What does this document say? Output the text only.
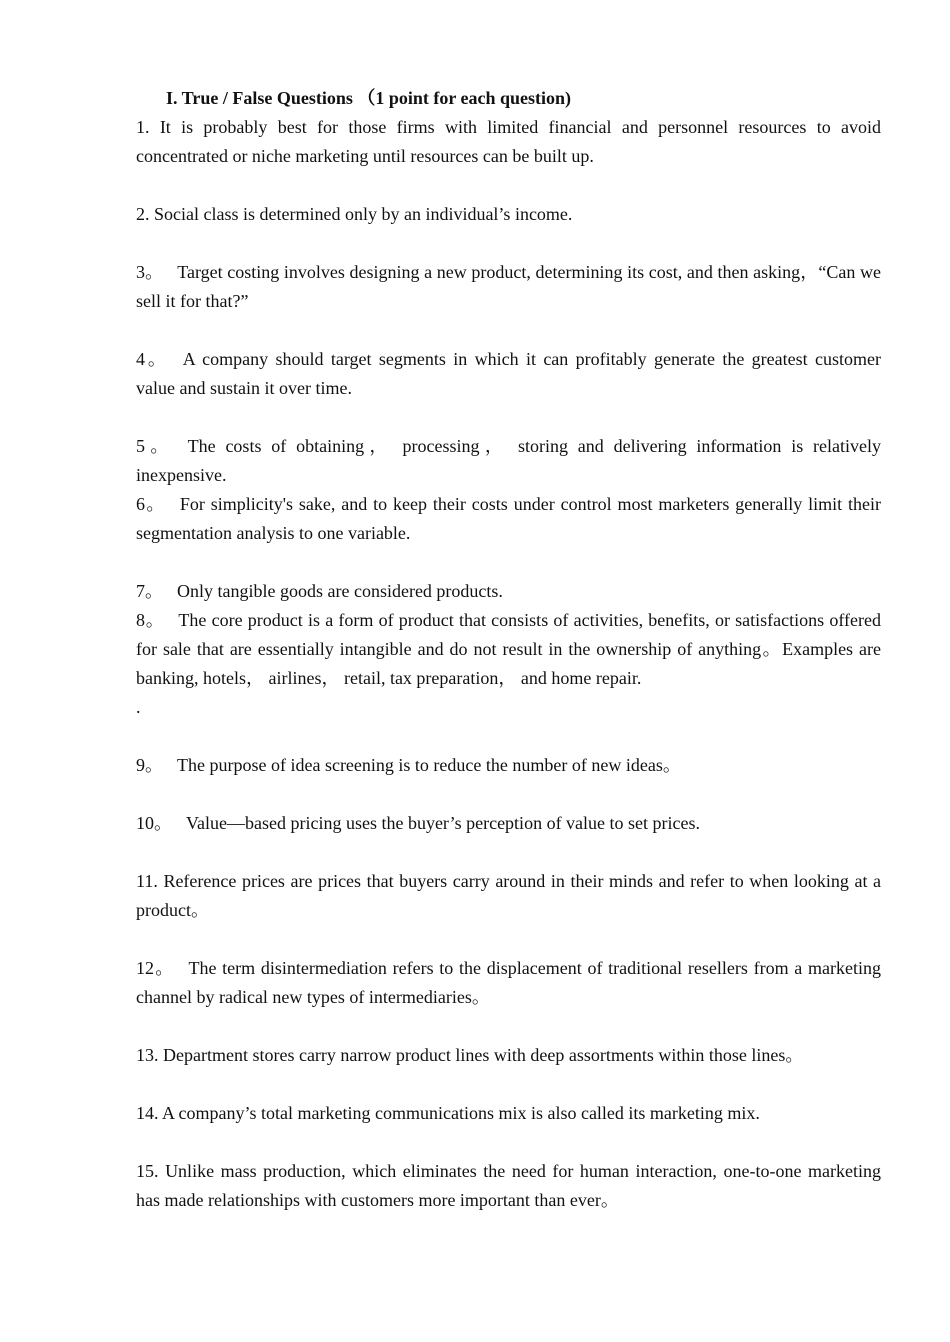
I. True / False Questions （1 point for each question)

1. It is probably best for those firms with limited financial and personnel resources to avoid concentrated or niche marketing until resources can be built up.

2. Social class is determined only by an individual’s income.

3。 Target costing involves designing a new product, determining its cost, and then asking，“Can we sell it for that?”

4。 A company should target segments in which it can profitably generate the greatest customer value and sustain it over time.

5。 The costs of obtaining， processing， storing and delivering information is relatively inexpensive.

6。 For simplicity's sake, and to keep their costs under control most marketers generally limit their segmentation analysis to one variable.

7。 Only tangible goods are considered products.

8。 The core product is a form of product that consists of activities, benefits, or satisfactions offered for sale that are essentially intangible and do not result in the ownership of anything。Examples are banking, hotels， airlines， retail, tax preparation， and home repair.

.

9。 The purpose of idea screening is to reduce the number of new ideas。

10。 Value—based pricing uses the buyer’s perception of value to set prices.

11. Reference prices are prices that buyers carry around in their minds and refer to when looking at a product。

12。 The term disintermediation refers to the displacement of traditional resellers from a marketing channel by radical new types of intermediaries。

13. Department stores carry narrow product lines with deep assortments within those lines。

14. A company’s total marketing communications mix is also called its marketing mix.

15. Unlike mass production, which eliminates the need for human interaction, one-to-one marketing has made relationships with customers more important than ever。
